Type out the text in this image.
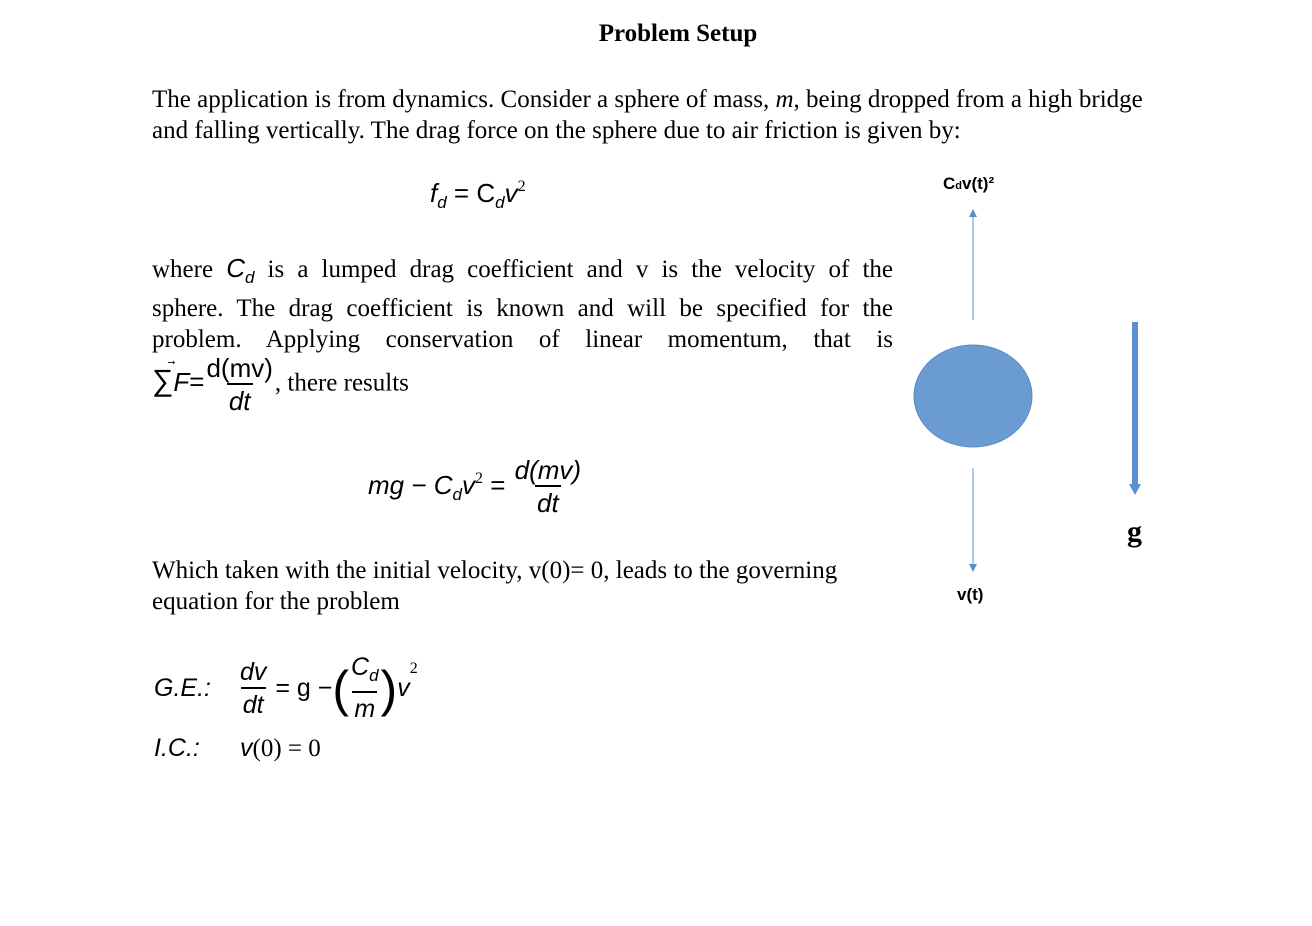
Problem Setup
The application is from dynamics. Consider a sphere of mass, m, being dropped from a high bridge
and falling vertically. The drag force on the sphere due to air friction is given by:
$f_d = C_dv^2$
where $C_d$ is a lumped drag coefficient and v is the velocity of the
sphere. The drag coefficient is known and will be specified for the
problem. Applying conservation of linear momentum, that is
∑
$F= \frac{d(mv)}{dt}$ , there results
mg − $C_dv^2 = \frac{d(mv)}{dt}$
Which taken with the initial velocity, v(0)= 0, leads to the governing
equation for the problem
G.E.: $\frac{dv}{dt} = g$ − ( $\frac{C_d}{m}$ ) $v^2$
I.C.: v(0) = 0
Cdv(t)²
v(t)
g
